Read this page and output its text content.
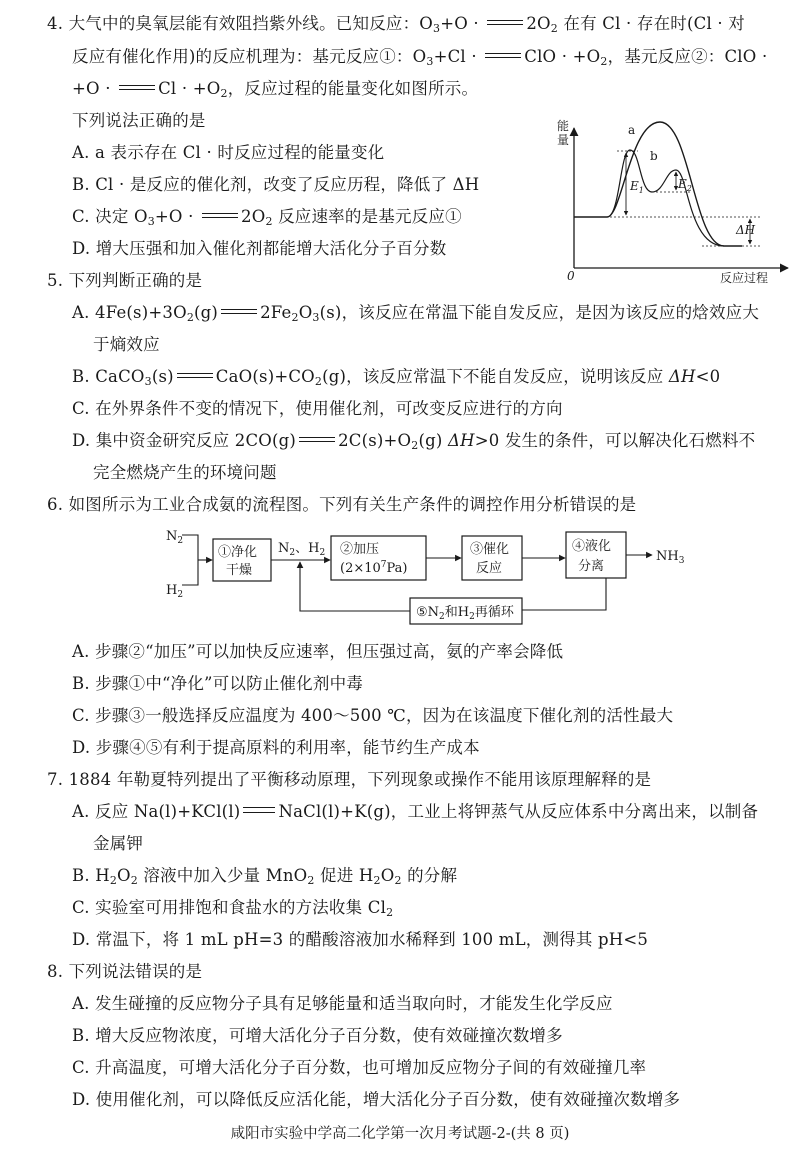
4. 大气中的臭氧层能有效阻挡紫外线。已知反应：$O_3+O$ ·	$2O_2$ 在有 Cl · 存在时(Cl · 对
反应有催化作用)的反应机理为：基元反应①：$O_3+Cl$ ·	ClO · $+O_2$，基元反应②：ClO ·
+O ·	$Cl \cdot +O_2$，反应过程的能量变化如图所示。
下列说法正确的是
A. a 表示存在 Cl · 时反应过程的能量变化
B. Cl · 是反应的催化剂，改变了反应历程，降低了 ΔH
C. 决定 $O_3+O$ ·	$2O_2$ 反应速率的是基元反应①
D. 增大压强和加入催化剂都能增大活化分子百分数
能
量
0	反应过程
a
b
$E_1$	$E_2$
ΔH
5. 下列判断正确的是
A. $4Fe(s)+3O_2(g)$	$2Fe_2O_3(s)$，该反应在常温下能自发反应，是因为该反应的焓效应大
于熵效应
B. CaCO$_3$(s)	$CaO(s)+CO_2(g)$，该反应常温下不能自发反应，说明该反应 ΔH<0
C. 在外界条件不变的情况下，使用催化剂，可改变反应进行的方向
D. 集中资金研究反应 2CO(g)	$2C(s)+O_2(g)$ ΔH>0 发生的条件，可以解决化石燃料不
完全燃烧产生的环境问题
6. 如图所示为工业合成氨的流程图。下列有关生产条件的调控作用分析错误的是
$N_2$
$H_2$
①净化
干燥
$N_2$、$H_2$ ②加压
$(2\times 10^7Pa)$
③催化
反应
④液化
分离
$NH_3$
$⑤N_2$和$H_2$再循环
A. 步骤②“加压”可以加快反应速率，但压强过高，氨的产率会降低
B. 步骤①中“净化”可以防止催化剂中毒
C. 步骤③一般选择反应温度为 400～500 ℃，因为在该温度下催化剂的活性最大
D. 步骤④⑤有利于提高原料的利用率，能节约生产成本
7. 1884 年勒夏特列提出了平衡移动原理，下列现象或操作不能用该原理解释的是
A. 反应 Na(l)+KCl(l) NaCl(l)+K(g)，工业上将钾蒸气从反应体系中分离出来，以制备
金属钾
B. $H_2O_2$ 溶液中加入少量 MnO$_2$ 促进 $H_2O_2$ 的分解
C. 实验室可用排饱和食盐水的方法收集 $Cl_2$
D. 常温下，将 1 mL pH=3 的醋酸溶液加水稀释到 100 mL，测得其 pH<5
8. 下列说法错误的是
A. 发生碰撞的反应物分子具有足够能量和适当取向时，才能发生化学反应
B. 增大反应物浓度，可增大活化分子百分数，使有效碰撞次数增多
C. 升高温度，可增大活化分子百分数，也可增加反应物分子间的有效碰撞几率
D. 使用催化剂，可以降低反应活化能，增大活化分子百分数，使有效碰撞次数增多
咸阳市实验中学高二化学第一次月考试题-2-(共 8 页)
